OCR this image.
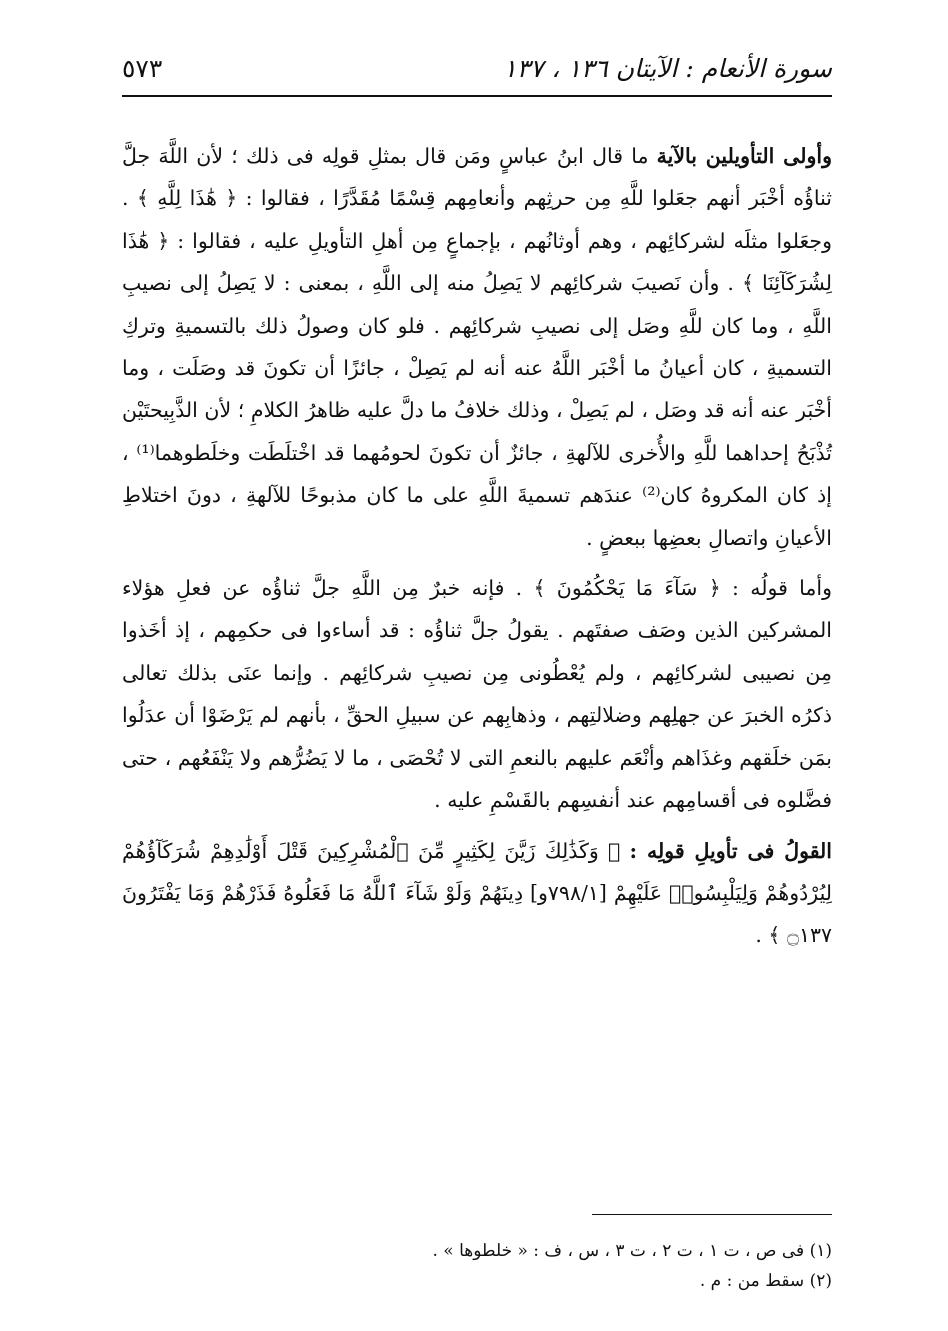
سورة الأنعام : الآيتان ١٣٦ ، ١٣٧
٥٧٣

وأولى التأويلين بالآية ما قال ابنُ عباسٍ ومَن قال بمثلِ قولِه فى ذلك ؛ لأن اللَّهَ جلَّ ثناؤُه أخْبَر أنهم جعَلوا للَّهِ مِن حرثِهم وأنعامِهم قِسْمًا مُقَدَّرًا ، فقالوا : ﴿ هَٰذَا لِلَّهِ ﴾ . وجعَلوا مثلَه لشركائِهم ، وهم أوثانُهم ، بإجماعٍ مِن أهلِ التأويلِ عليه ، فقالوا : ﴿ هَٰذَا لِشُرَكَآئِنَا ﴾ . وأن نَصيبَ شركائِهم لا يَصِلُ منه إلى اللَّهِ ، بمعنى : لا يَصِلُ إلى نصيبِ اللَّهِ ، وما كان للَّهِ وصَل إلى نصيبِ شركائِهم . فلو كان وصولُ ذلك بالتسميةِ وتركِ التسميةِ ، كان أعيانُ ما أخْبَر اللَّهُ عنه أنه لم يَصِلْ ، جائزًا أن تكونَ قد وصَلَت ، وما أخْبَر عنه أنه قد وصَل ، لم يَصِلْ ، وذلك خلافُ ما دلَّ عليه ظاهرُ الكلامِ ؛ لأن الذَّبِيحتَيْن تُذْبَحُ إحداهما للَّهِ والأُخرى للآلهةِ ، جائزٌ أن تكونَ لحومُهما قد اخْتلَطَت وخلَطوهما⁽¹⁾ ، إذ كان المكروهُ كان⁽²⁾ عندَهم تسميةَ اللَّهِ على ما كان مذبوحًا للآلهةِ ، دونَ اختلاطِ الأعيانِ واتصالِ بعضِها ببعضٍ .

وأما قولُه : ﴿ سَآءَ مَا يَحْكُمُونَ ﴾ . فإنه خبرٌ مِن اللَّهِ جلَّ ثناؤُه عن فعلِ هؤلاء المشركين الذين وصَف صفتَهم . يقولُ جلَّ ثناؤُه : قد أساءوا فى حكمِهم ، إذ أخَذوا مِن نصيبى لشركائِهم ، ولم يُعْطُونى مِن نصيبِ شركائِهم . وإنما عنَى بذلك تعالى ذكرُه الخبرَ عن جهلِهم وضلالتِهم ، وذهابِهم عن سبيلِ الحقِّ ، بأنهم لم يَرْضَوْا أن عدَلُوا بمَن خلَقهم وغذَاهم وأنْعَم عليهم بالنعمِ التى لا تُحْصَى ، ما لا يَضُرُّهم ولا يَنْفَعُهم ، حتى فضَّلوه فى أقسامِهم عند أنفسِهم بالقَسْمِ عليه .

القولُ فى تأويلِ قولِه : ﴿ وَكَذَٰلِكَ زَيَّنَ لِكَثِيرٍ مِّنَ ٱلْمُشْرِكِينَ قَتْلَ أَوْلَٰدِهِمْ شُرَكَآؤُهُمْ لِيُرْدُوهُمْ وَلِيَلْبِسُوا۟ عَلَيْهِمْ [٧٩٨/١و] دِينَهُمْ وَلَوْ شَآءَ ٱللَّهُ مَا فَعَلُوهُ فَذَرْهُمْ وَمَا يَفْتَرُونَ ۝١٣٧ ﴾ .

(١) فى ص ، ت ١ ، ت ٢ ، ت ٣ ، س ، ف : « خلطوها » .

(٢) سقط من : م .
